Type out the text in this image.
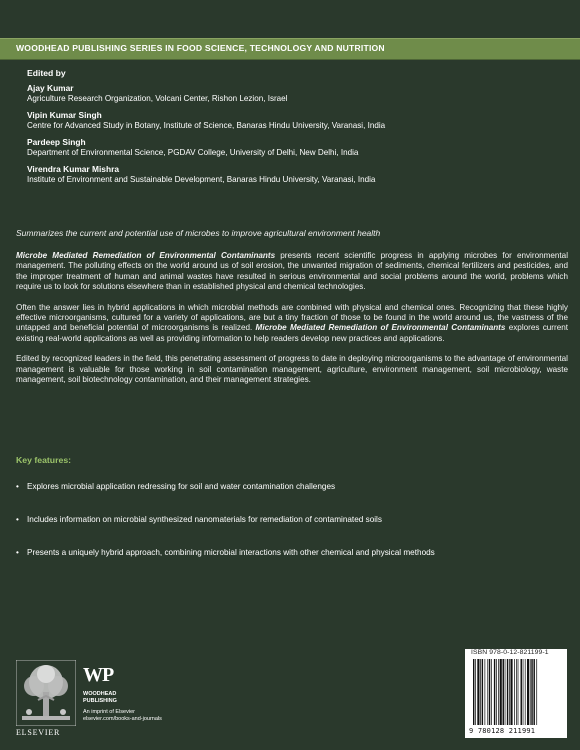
WOODHEAD PUBLISHING SERIES IN FOOD SCIENCE, TECHNOLOGY AND NUTRITION
Edited by
Ajay Kumar
Agriculture Research Organization, Volcani Center, Rishon Lezion, Israel
Vipin Kumar Singh
Centre for Advanced Study in Botany, Institute of Science, Banaras Hindu University, Varanasi, India
Pardeep Singh
Department of Environmental Science, PGDAV College, University of Delhi, New Delhi, India
Virendra Kumar Mishra
Institute of Environment and Sustainable Development, Banaras Hindu University, Varanasi, India
Summarizes the current and potential use of microbes to improve agricultural environment health

Microbe Mediated Remediation of Environmental Contaminants presents recent scientific progress in applying microbes for environmental management. The polluting effects on the world around us of soil erosion, the unwanted migration of sediments, chemical fertilizers and pesticides, and the improper treatment of human and animal wastes have resulted in serious environmental and social problems around the world, problems which require us to look for solutions elsewhere than in established physical and chemical technologies.

Often the answer lies in hybrid applications in which microbial methods are combined with physical and chemical ones. Recognizing that these highly effective microorganisms, cultured for a variety of applications, are but a tiny fraction of those to be found in the world around us, the vastness of the untapped and beneficial potential of microorganisms is realized. Microbe Mediated Remediation of Environmental Contaminants explores current existing real-world applications as well as providing information to help readers develop new practices and applications.

Edited by recognized leaders in the field, this penetrating assessment of progress to date in deploying microorganisms to the advantage of environmental management is valuable for those working in soil contamination management, agriculture, environment management, soil microbiology, waste management, soil biotechnology contamination, and their management strategies.

Key features:
• Explores microbial application redressing for soil and water contamination challenges
• Includes information on microbial synthesized nanomaterials for remediation of contaminated soils
• Presents a uniquely hybrid approach, combining microbial interactions with other chemical and physical methods
ELSEVIER
WP
WOODHEAD
PUBLISHING
An imprint of Elsevier
elsevier.com/books-and-journals
ISBN 978-0-12-821199-1
9 780128 211991
